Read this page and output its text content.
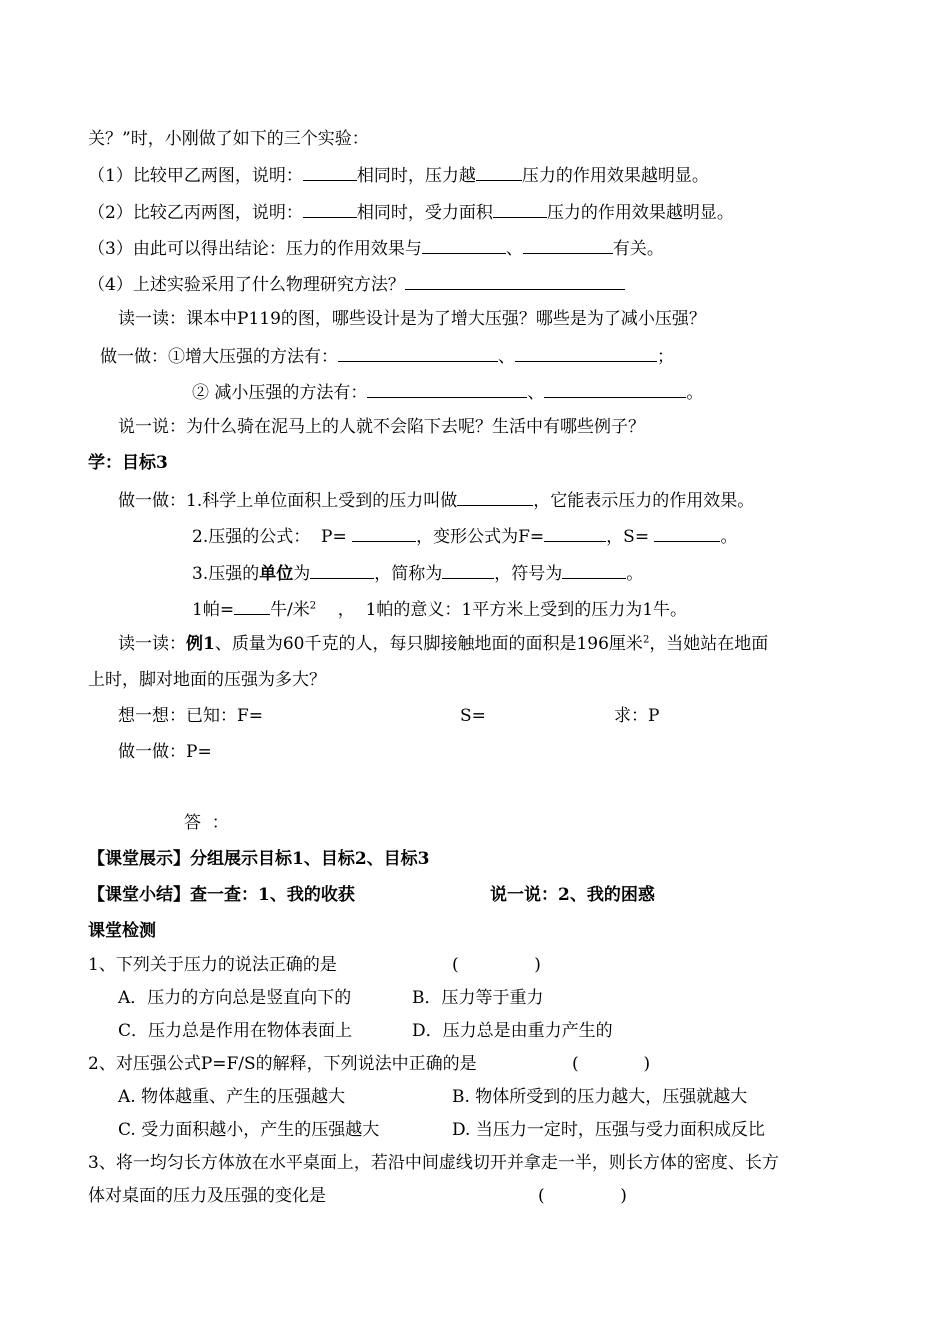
关？”时，小刚做了如下的三个实验：
（1）比较甲乙两图，说明：	相同时，压力越	压力的作用效果越明显。
（2）比较乙丙两图，说明：	相同时，受力面积	压力的作用效果越明显。
（3）由此可以得出结论：压力的作用效果与	、	有关。
（4）上述实验采用了什么物理研究方法？
读一读：课本中P119的图，哪些设计是为了增大压强？哪些是为了减小压强？
做一做：①增大压强的方法有：	、	；
② 减小压强的方法有：	、	。
说一说：为什么骑在泥马上的人就不会陷下去呢？生活中有哪些例子？
学：目标3
做一做：1.科学上单位面积上受到的压力叫做	，它能表示压力的作用效果。
2.压强的公式：  P=	，变形公式为F=	，S=	。
3.压强的单位为	，简称为	，符号为	。
1帕= 牛/米$^2$    ，  1帕的意义：1平方米上受到的压力为1牛。
读一读：例1、质量为60千克的人，每只脚接触地面的面积是196厘米$^2$，当她站在地面
上时，脚对地面的压强为多大？
想一想：已知：F=	S=	求：P
做一做：P=
答  ：
【课堂展示】分组展示目标1、目标2、目标3
【课堂小结】查一查：1、我的收获	说一说：2、我的困惑
课堂检测
1、下列关于压力的说法正确的是	(              )
A．压力的方向总是竖直向下的	B．压力等于重力
C．压力总是作用在物体表面上	D．压力总是由重力产生的
2、对压强公式P=F/S的解释，下列说法中正确的是	(            )
A. 物体越重、产生的压强越大	B. 物体所受到的压力越大，压强就越大
C. 受力面积越小，产生的压强越大	D. 当压力一定时，压强与受力面积成反比
3、将一均匀长方体放在水平桌面上，若沿中间虚线切开并拿走一半，则长方体的密度、长方
体对桌面的压力及压强的变化是	(              )
